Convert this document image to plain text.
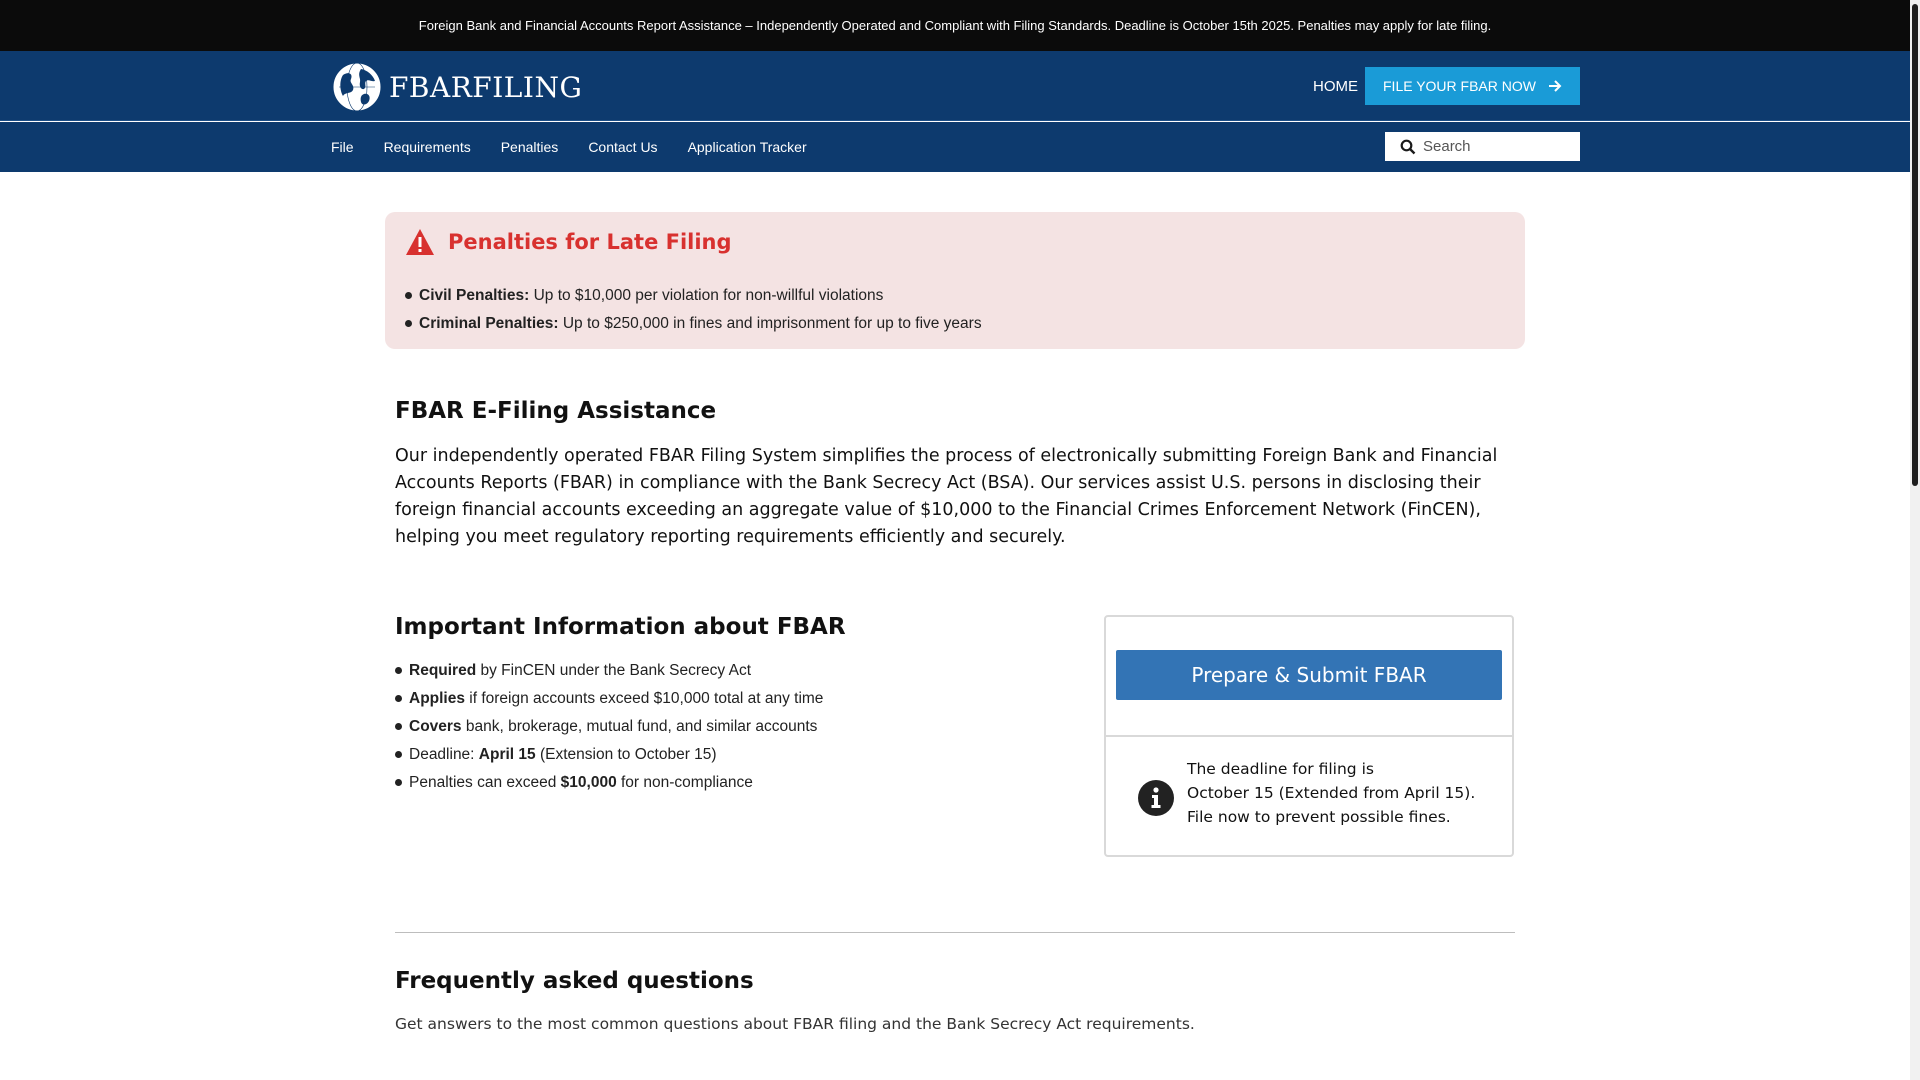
Foreign Bank and Financial Accounts Report Assistance – Independently Operated and Compliant with Filing Standards. Deadline is October 15th 2025. Penalties may apply for late filing.
FBARFILING	HOME FILE YOUR FBAR NOW
File Requirements Penalties Contact Us Application Tracker
Search
Penalties for Late Filing
Civil Penalties: Up to $10,000 per violation for non-willful violations
Criminal Penalties: Up to $250,000 in fines and imprisonment for up to five years
FBAR E-Filing Assistance

Our independently operated FBAR Filing System simplifies the process of electronically submitting Foreign Bank and Financial Accounts Reports (FBAR) in compliance with the Bank Secrecy Act (BSA). Our services assist U.S. persons in disclosing their foreign financial accounts exceeding an aggregate value of $10,000 to the Financial Crimes Enforcement Network (FinCEN), helping you meet regulatory reporting requirements efficiently and securely.

Important Information about FBAR
Required by FinCEN under the Bank Secrecy Act
Applies if foreign accounts exceed $10,000 total at any time
Covers bank, brokerage, mutual fund, and similar accounts
Deadline: April 15 (Extension to October 15)
Penalties can exceed $10,000 for non-compliance
Prepare & Submit FBAR
The deadline for filing is
October 15 (Extended from April 15).
File now to prevent possible fines.
Frequently asked questions

Get answers to the most common questions about FBAR filing and the Bank Secrecy Act requirements.
